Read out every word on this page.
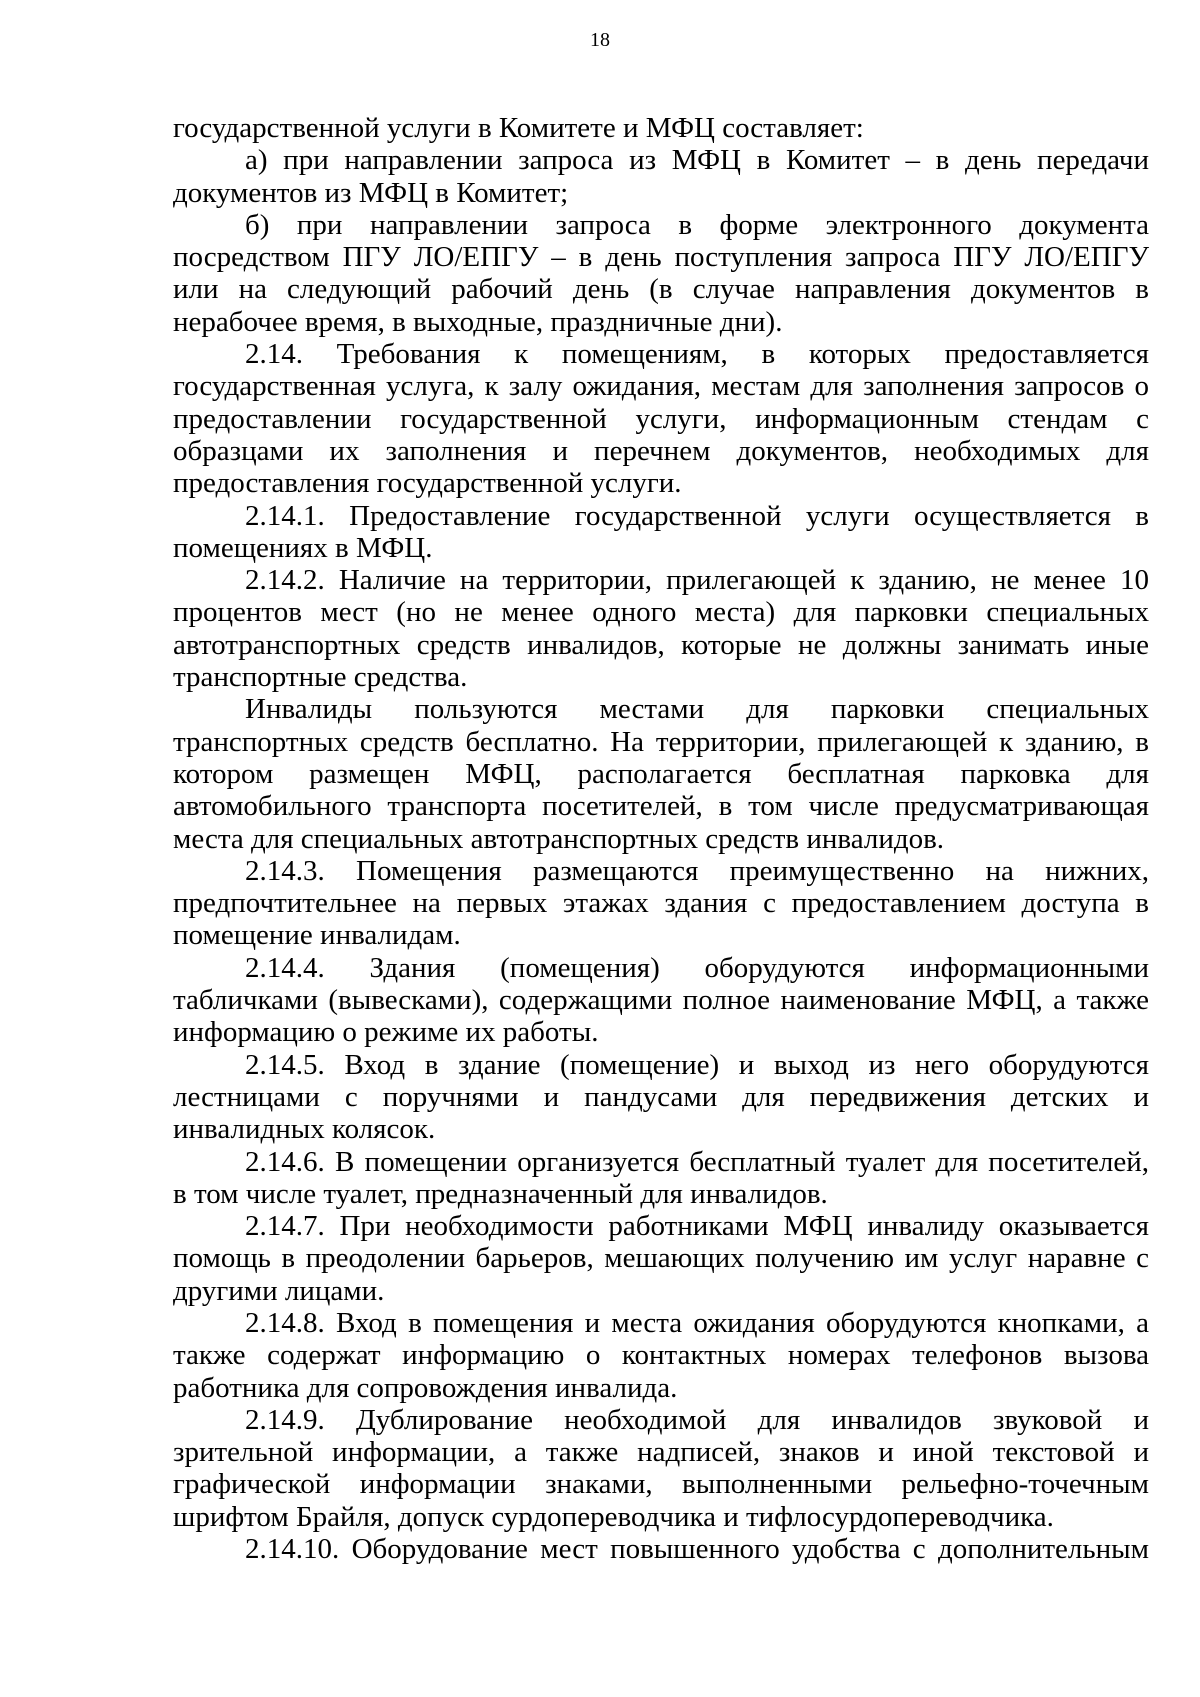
18

государственной услуги в Комитете и МФЦ составляет:

а) при направлении запроса из МФЦ в Комитет – в день передачи документов из МФЦ в Комитет;

б) при направлении запроса в форме электронного документа посредством ПГУ ЛО/ЕПГУ – в день поступления запроса ПГУ ЛО/ЕПГУ или на следующий рабочий день (в случае направления документов в нерабочее время, в выходные, праздничные дни).

2.14. Требования к помещениям, в которых предоставляется государственная услуга, к залу ожидания, местам для заполнения запросов о предоставлении государственной услуги, информационным стендам с образцами их заполнения и перечнем документов, необходимых для предоставления государственной услуги.

2.14.1. Предоставление государственной услуги осуществляется в помещениях в МФЦ.

2.14.2. Наличие на территории, прилегающей к зданию, не менее 10 процентов мест (но не менее одного места) для парковки специальных автотранспортных средств инвалидов, которые не должны занимать иные транспортные средства.

Инвалиды пользуются местами для парковки специальных транспортных средств бесплатно. На территории, прилегающей к зданию, в котором размещен МФЦ, располагается бесплатная парковка для автомобильного транспорта посетителей, в том числе предусматривающая места для специальных автотранспортных средств инвалидов.

2.14.3. Помещения размещаются преимущественно на нижних, предпочтительнее на первых этажах здания с предоставлением доступа в помещение инвалидам.

2.14.4. Здания (помещения) оборудуются информационными табличками (вывесками), содержащими полное наименование МФЦ, а также информацию о режиме их работы.

2.14.5. Вход в здание (помещение) и выход из него оборудуются лестницами с поручнями и пандусами для передвижения детских и инвалидных колясок.

2.14.6. В помещении организуется бесплатный туалет для посетителей, в том числе туалет, предназначенный для инвалидов.

2.14.7. При необходимости работниками МФЦ инвалиду оказывается помощь в преодолении барьеров, мешающих получению им услуг наравне с другими лицами.

2.14.8. Вход в помещения и места ожидания оборудуются кнопками, а также содержат информацию о контактных номерах телефонов вызова работника для сопровождения инвалида.

2.14.9. Дублирование необходимой для инвалидов звуковой и зрительной информации, а также надписей, знаков и иной текстовой и графической информации знаками, выполненными рельефно-точечным шрифтом Брайля, допуск сурдопереводчика и тифлосурдопереводчика.

2.14.10. Оборудование мест повышенного удобства с дополнительным
